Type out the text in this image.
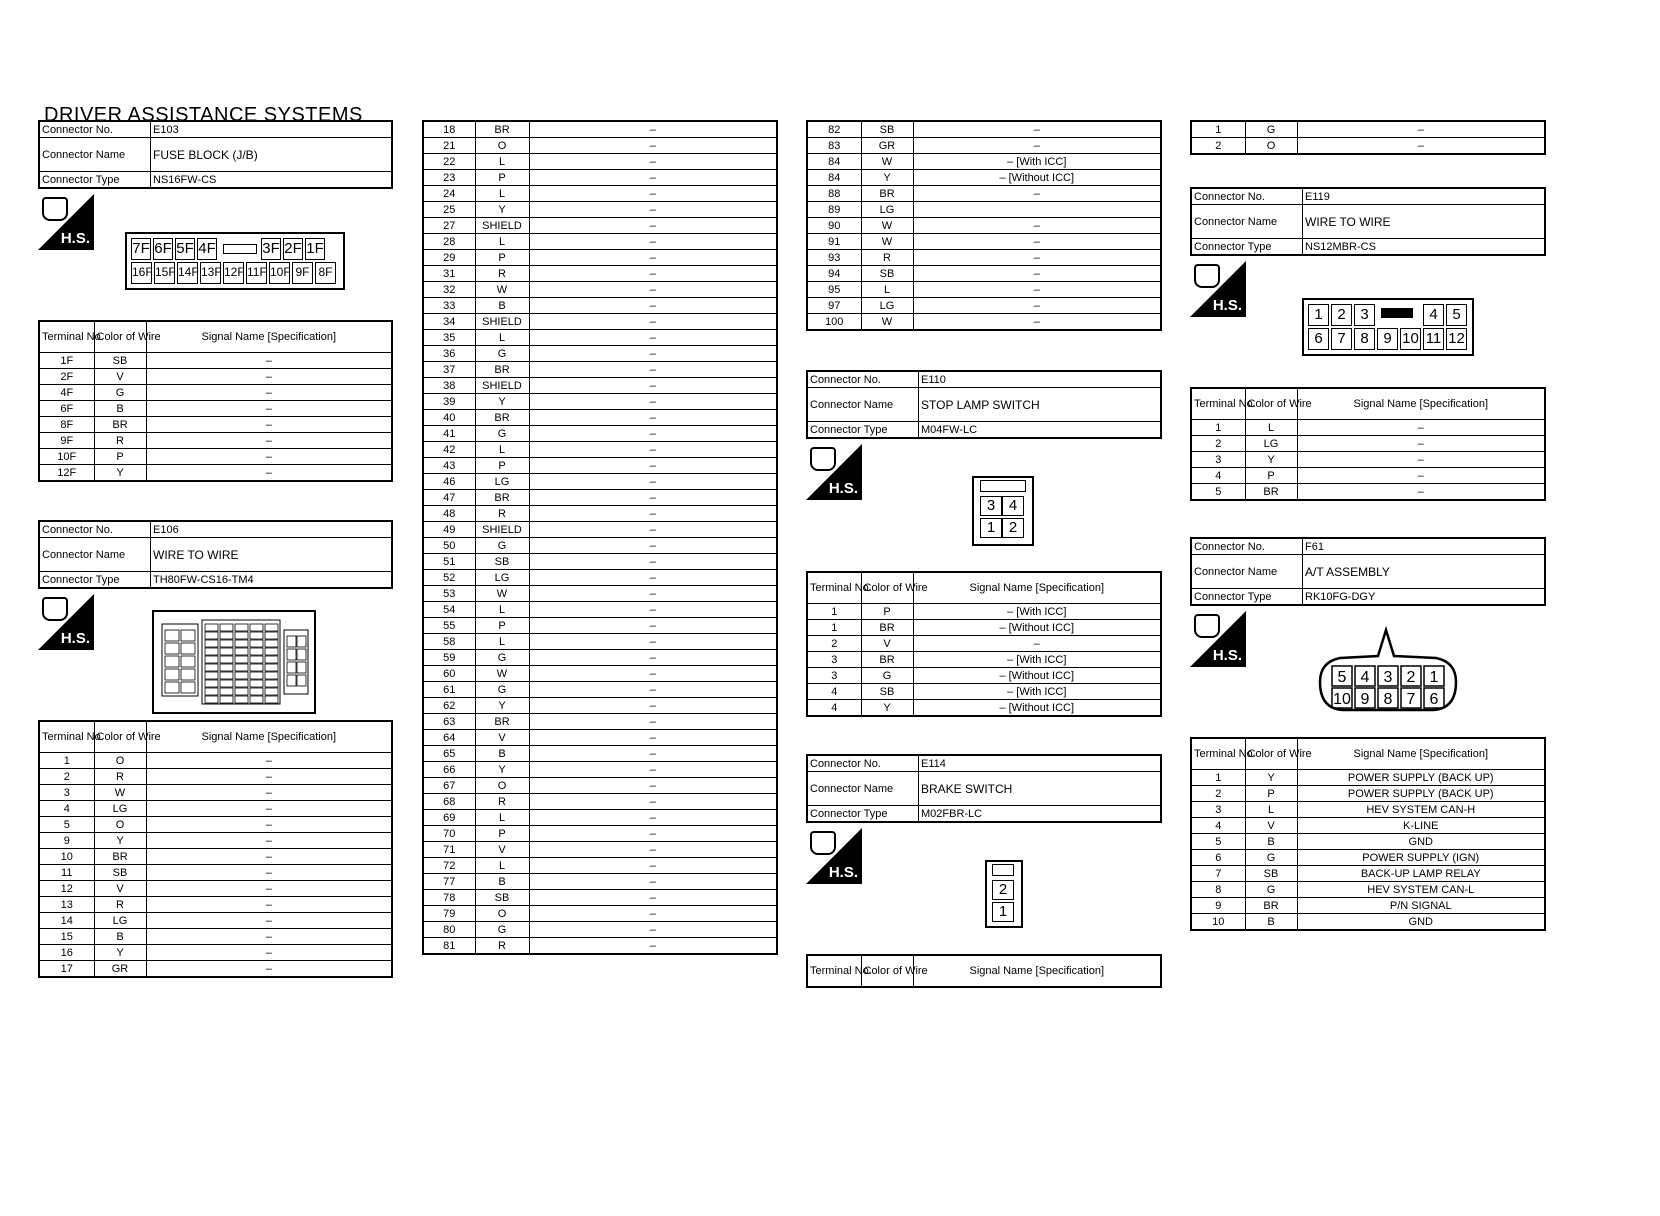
DRIVER ASSISTANCE SYSTEMS
Connector No.	E103
Connector Name	FUSE BLOCK (J/B)
Connector Type	NS16FW-CS
H.S.
7F 6F 5F 4F	3F 2F 1F
16F 15F 14F 13F 12F 11F 10F 9F 8F
Terminal No.	Color of Wire	Signal Name [Specification]
1F	SB	–
2F	V	–
4F	G	–
6F	B	–
8F	BR	–
9F	R	–
10F	P	–
12F	Y	–
Connector No.	E106
Connector Name	WIRE TO WIRE
Connector Type	TH80FW-CS16-TM4
H.S.
Terminal No.	Color of Wire	Signal Name [Specification]
1	O	–
2	R	–
3	W	–
4	LG	–
5	O	–
9	Y	–
10	BR	–
11	SB	–
12	V	–
13	R	–
14	LG	–
15	B	–
16	Y	–
17	GR	–
18	BR	–
21	O	–
22	L	–
23	P	–
24	L	–
25	Y	–
27	SHIELD	–
28	L	–
29	P	–
31	R	–
32	W	–
33	B	–
34	SHIELD	–
35	L	–
36	G	–
37	BR	–
38	SHIELD	–
39	Y	–
40	BR	–
41	G	–
42	L	–
43	P	–
46	LG	–
47	BR	–
48	R	–
49	SHIELD	–
50	G	–
51	SB	–
52	LG	–
53	W	–
54	L	–
55	P	–
58	L	–
59	G	–
60	W	–
61	G	–
62	Y	–
63	BR	–
64	V	–
65	B	–
66	Y	–
67	O	–
68	R	–
69	L	–
70	P	–
71	V	–
72	L	–
77	B	–
78	SB	–
79	O	–
80	G	–
81	R	–
82	SB	–
83	GR	–
84	W	– [With ICC]
84	Y	– [Without ICC]
88	BR	–
89	LG	
90	W	–
91	W	–
93	R	–
94	SB	–
95	L	–
97	LG	–
100	W	–
Connector No.	E110
Connector Name	STOP LAMP SWITCH
Connector Type	M04FW-LC
H.S.
3 4
1 2
Terminal No.	Color of Wire	Signal Name [Specification]
1	P	– [With ICC]
1	BR	– [Without ICC]
2	V	–
3	BR	– [With ICC]
3	G	– [Without ICC]
4	SB	– [With ICC]
4	Y	– [Without ICC]
Connector No.	E114
Connector Name	BRAKE SWITCH
Connector Type	M02FBR-LC
H.S.
2
1
Terminal No.	Color of Wire	Signal Name [Specification]
1	G	–
2	O	–
Connector No.	E119
Connector Name	WIRE TO WIRE
Connector Type	NS12MBR-CS
H.S.
1 2 3	4 5
6 7 8 9 10 11 12
Terminal No.	Color of Wire	Signal Name [Specification]
1	L	–
2	LG	–
3	Y	–
4	P	–
5	BR	–
Connector No.	F61
Connector Name	A/T ASSEMBLY
Connector Type	RK10FG-DGY
H.S.
5 4 3 2 1
10 9 8 7 6
Terminal No.	Color of Wire	Signal Name [Specification]
1	Y	POWER SUPPLY (BACK UP)
2	P	POWER SUPPLY (BACK UP)
3	L	HEV SYSTEM CAN-H
4	V	K-LINE
5	B	GND
6	G	POWER SUPPLY (IGN)
7	SB	BACK-UP LAMP RELAY
8	G	HEV SYSTEM CAN-L
9	BR	P/N SIGNAL
10	B	GND
